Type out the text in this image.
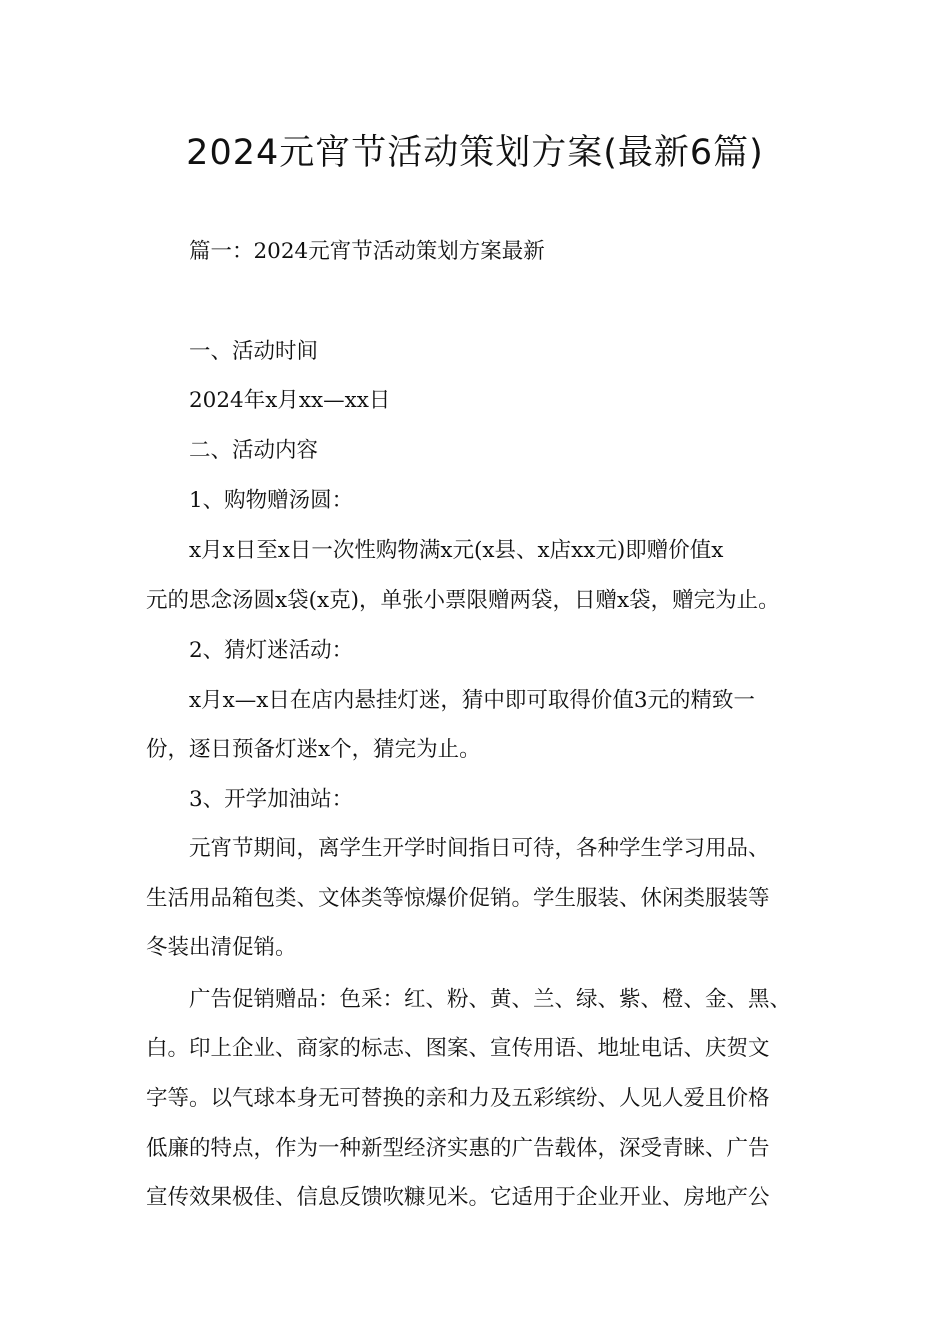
2024元宵节活动策划方案(最新6篇)

篇一：2024元宵节活动策划方案最新

一、活动时间

2024年x月xx—xx日

二、活动内容

1、购物赠汤圆：

x月x日至x日一次性购物满x元(x县、x店xx元)即赠价值x

元的思念汤圆x袋(x克)，单张小票限赠两袋，日赠x袋，赠完为止。

2、猜灯迷活动：

x月x—x日在店内悬挂灯迷，猜中即可取得价值3元的精致一

份，逐日预备灯迷x个，猜完为止。

3、开学加油站：

元宵节期间，离学生开学时间指日可待，各种学生学习用品、

生活用品箱包类、文体类等惊爆价促销。学生服装、休闲类服装等

冬装出清促销。

广告促销赠品：色采：红、粉、黄、兰、绿、紫、橙、金、黑、

白。印上企业、商家的标志、图案、宣传用语、地址电话、庆贺文

字等。以气球本身无可替换的亲和力及五彩缤纷、人见人爱且价格

低廉的特点，作为一种新型经济实惠的广告载体，深受青睐、广告

宣传效果极佳、信息反馈吹糠见米。它适用于企业开业、房地产公
